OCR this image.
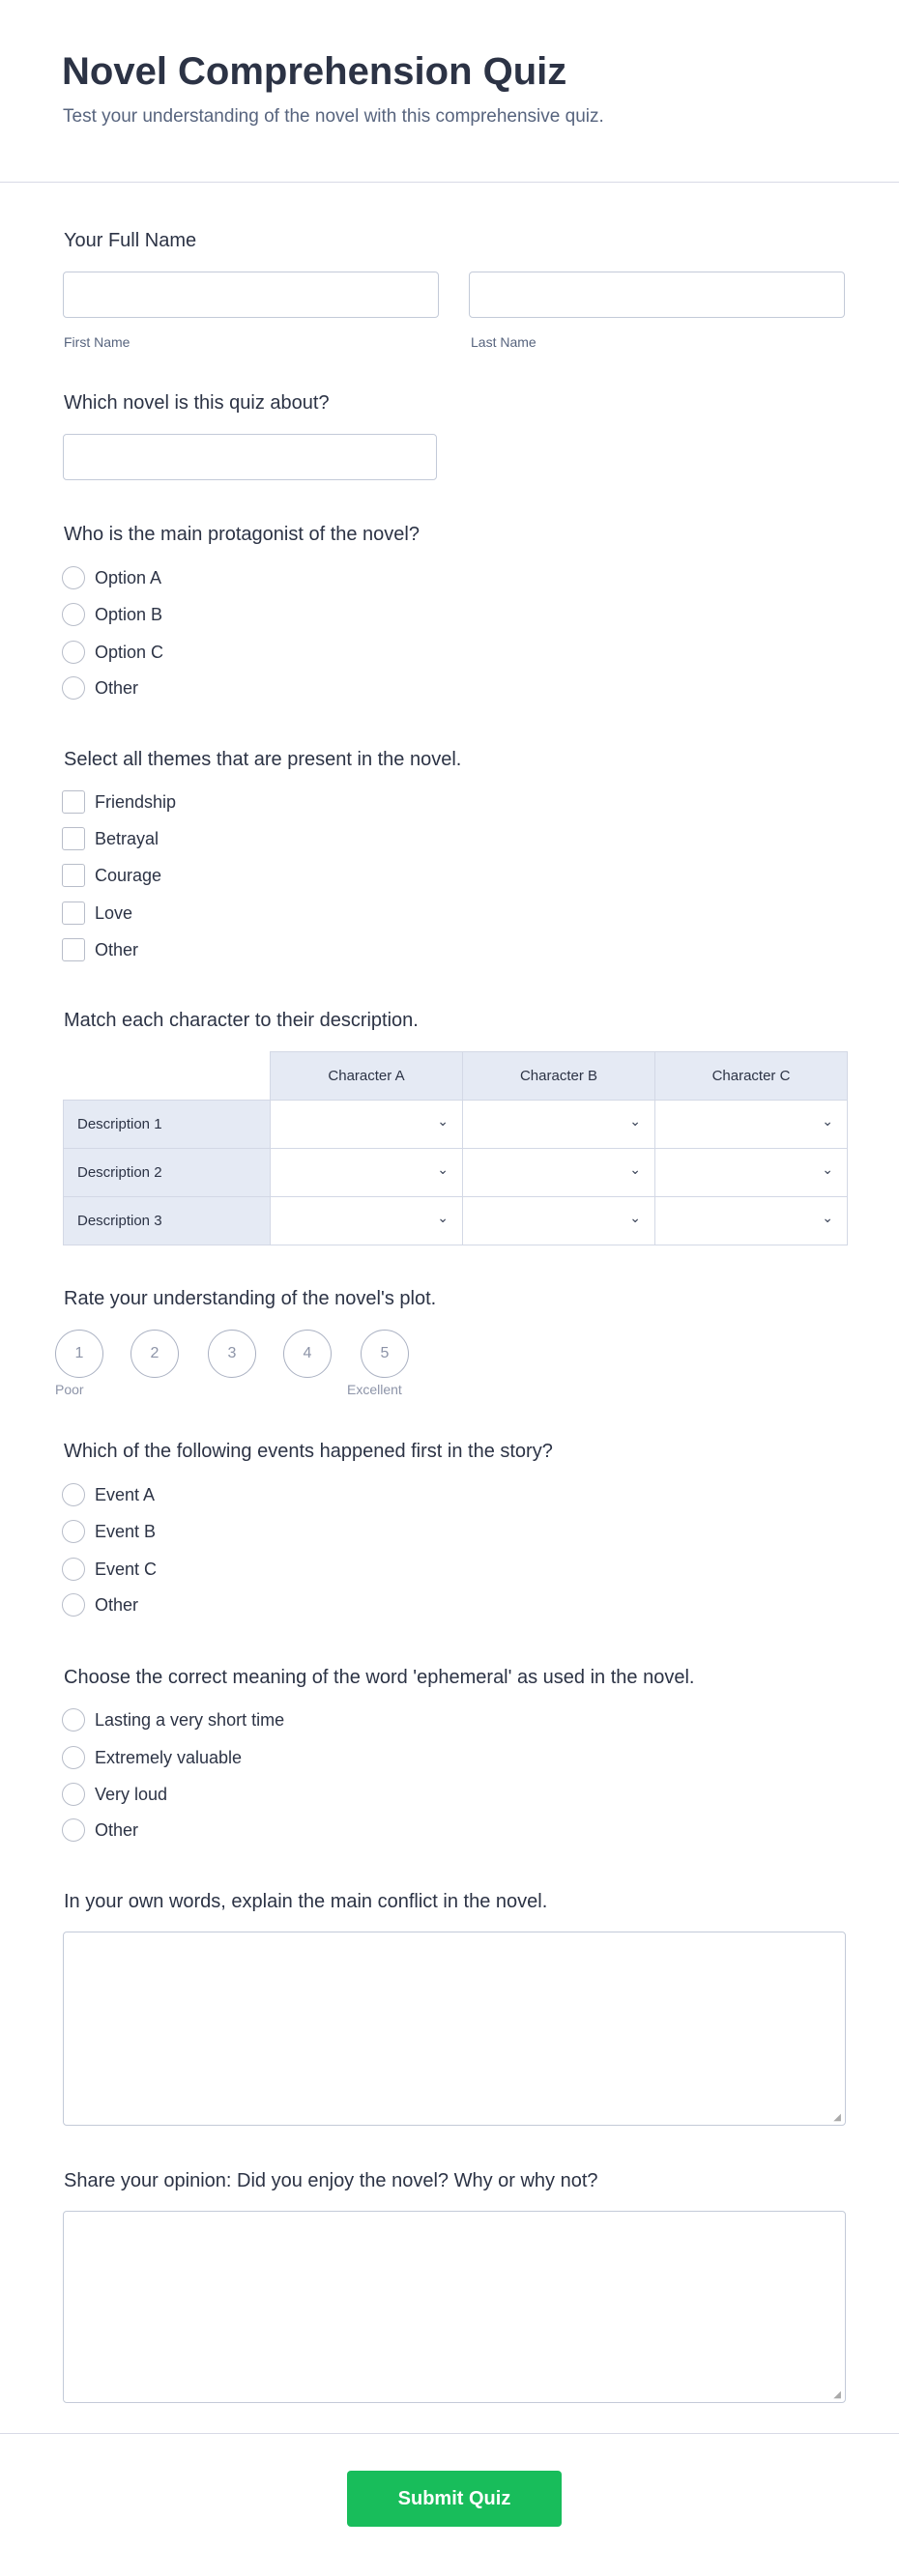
Novel Comprehension Quiz
Test your understanding of the novel with this comprehensive quiz.
Your Full Name
First Name	Last Name
Which novel is this quiz about?
Who is the main protagonist of the novel?
Option A
Option B
Option C
Other
Select all themes that are present in the novel.
Friendship
Betrayal
Courage
Love
Other
Match each character to their description.
	Character A	Character B	Character C
Description 1	⌄	⌄	⌄

Description 2	⌄	⌄	⌄

Description 3	⌄	⌄	⌄
Rate your understanding of the novel's plot.
1	2	3	4	5
Poor	Excellent
Which of the following events happened first in the story?
Event A
Event B
Event C
Other
Choose the correct meaning of the word 'ephemeral' as used in the novel.
Lasting a very short time
Extremely valuable
Very loud
Other
In your own words, explain the main conflict in the novel.
◢
Share your opinion: Did you enjoy the novel? Why or why not?
◢
Submit Quiz
